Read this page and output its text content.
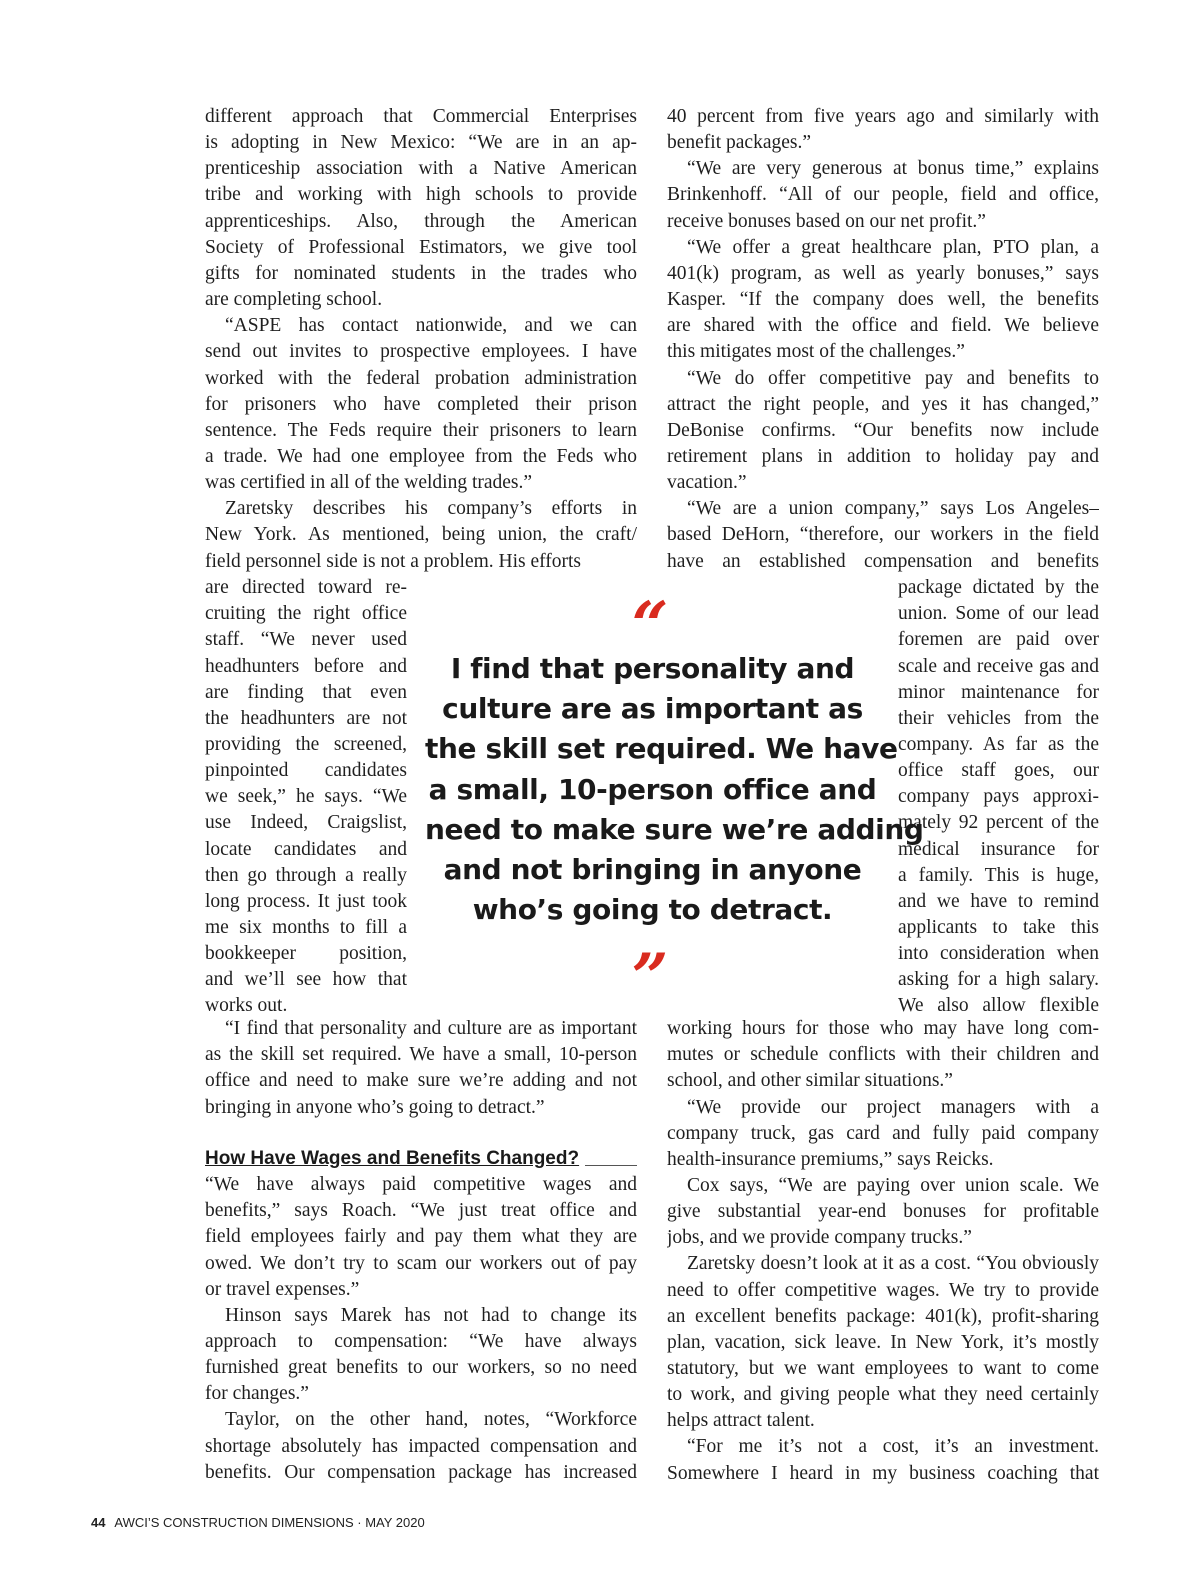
different approach that Commercial Enterprises
is adopting in New Mexico: “We are in an ap-
prenticeship association with a Native American
tribe and working with high schools to provide
apprenticeships. Also, through the American
Society of Professional Estimators, we give tool
gifts for nominated students in the trades who
are completing school.
“ASPE has contact nationwide, and we can
send out invites to prospective employees. I have
worked with the federal probation administration
for prisoners who have completed their prison
sentence. The Feds require their prisoners to learn
a trade. We had one employee from the Feds who
was certified in all of the welding trades.”
Zaretsky describes his company’s efforts in
New York. As mentioned, being union, the craft/
field personnel side is not a problem. His efforts
are directed toward re-
cruiting the right office
staff. “We never used
headhunters before and
are finding that even
the headhunters are not
providing the screened,
pinpointed candidates
we seek,” he says. “We
use Indeed, Craigslist,
locate candidates and
then go through a really
long process. It just took
me six months to fill a
bookkeeper position,
and we’ll see how that
works out.
“I find that personality and culture are as important
as the skill set required. We have a small, 10-person
office and need to make sure we’re adding and not
bringing in anyone who’s going to detract.”
“We have always paid competitive wages and
benefits,” says Roach. “We just treat office and
field employees fairly and pay them what they are
owed. We don’t try to scam our workers out of pay
or travel expenses.”
Hinson says Marek has not had to change its
approach to compensation: “We have always
furnished great benefits to our workers, so no need
for changes.”
Taylor, on the other hand, notes, “Workforce
shortage absolutely has impacted compensation and
benefits. Our compensation package has increased
40 percent from five years ago and similarly with
benefit packages.”
“We are very generous at bonus time,” explains
Brinkenhoff. “All of our people, field and office,
receive bonuses based on our net profit.”
“We offer a great healthcare plan, PTO plan, a
401(k) program, as well as yearly bonuses,” says
Kasper. “If the company does well, the benefits
are shared with the office and field. We believe
this mitigates most of the challenges.”
“We do offer competitive pay and benefits to
attract the right people, and yes it has changed,”
DeBonise confirms. “Our benefits now include
retirement plans in addition to holiday pay and
vacation.”
“We are a union company,” says Los Angeles–
based DeHorn, “therefore, our workers in the field
have an established compensation and benefits
package dictated by the
union. Some of our lead
foremen are paid over
scale and receive gas and
minor maintenance for
their vehicles from the
company. As far as the
office staff goes, our
company pays approxi-
mately 92 percent of the
medical insurance for
a family. This is huge,
and we have to remind
applicants to take this
into consideration when
asking for a high salary.
We also allow flexible
working hours for those who may have long com-
mutes or schedule conflicts with their children and
school, and other similar situations.”
“We provide our project managers with a
company truck, gas card and fully paid company
health-insurance premiums,” says Reicks.
Cox says, “We are paying over union scale. We
give substantial year-end bonuses for profitable
jobs, and we provide company trucks.”
Zaretsky doesn’t look at it as a cost. “You obviously
need to offer competitive wages. We try to provide
an excellent benefits package: 401(k), profit-sharing
plan, vacation, sick leave. In New York, it’s mostly
statutory, but we want employees to want to come
to work, and giving people what they need certainly
helps attract talent.
“For me it’s not a cost, it’s an investment.
Somewhere I heard in my business coaching that
“
I find that personality and
culture are as important as
the skill set required. We have
a small, 10-person office and
need to make sure we’re adding
and not bringing in anyone
who’s going to detract.
”
How Have Wages and Benefits Changed?
44 AWCI’S CONSTRUCTION DIMENSIONS · MAY 2020
